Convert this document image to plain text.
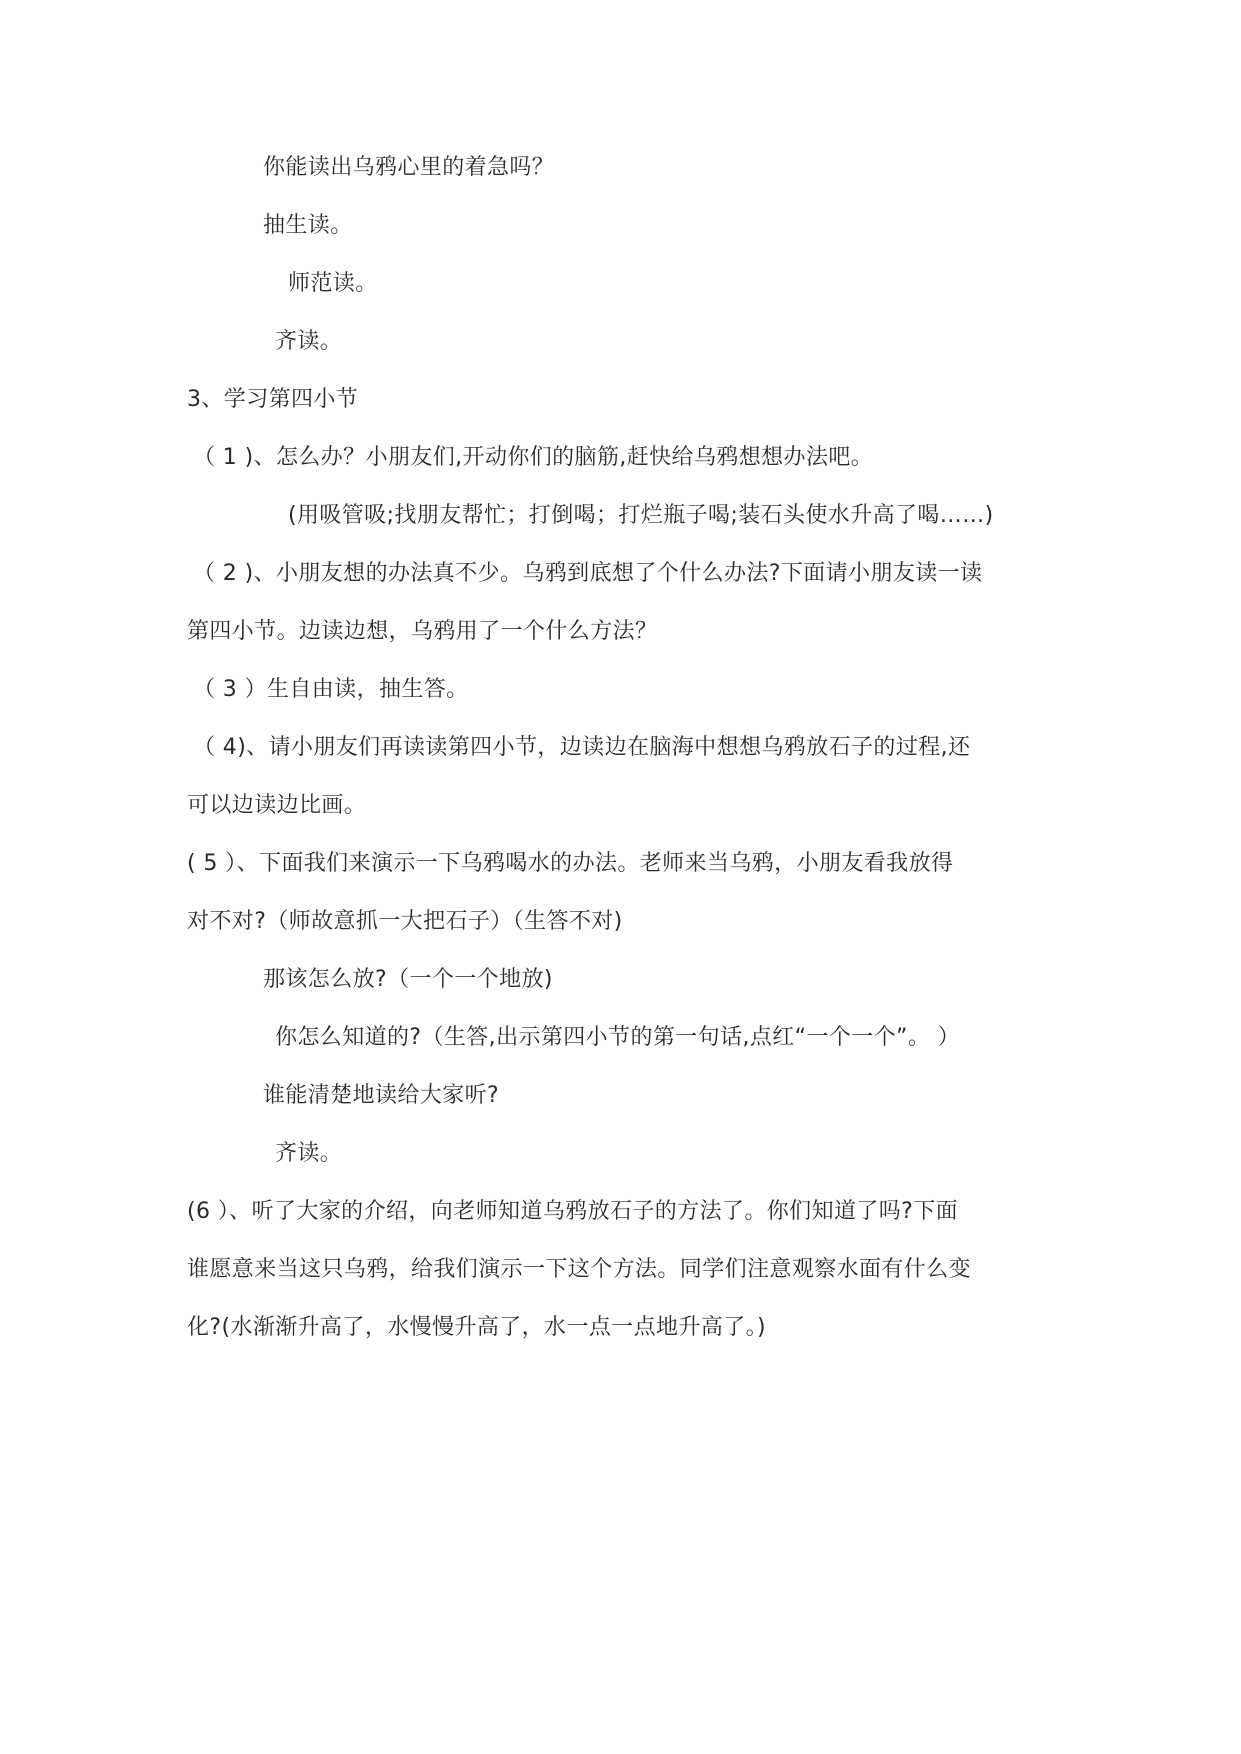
你能读出乌鸦心里的着急吗？
抽生读。
师范读。
齐读。
3、学习第四小节
（ 1 )、怎么办？小朋友们,开动你们的脑筋,赶快给乌鸦想想办法吧。
(用吸管吸;找朋友帮忙；打倒喝；打烂瓶子喝;装石头使水升高了喝……)
（ 2 )、小朋友想的办法真不少。乌鸦到底想了个什么办法?下面请小朋友读一读
第四小节。边读边想，乌鸦用了一个什么方法？
（ 3 ）生自由读，抽生答。
（ 4)、请小朋友们再读读第四小节，边读边在脑海中想想乌鸦放石子的过程,还
可以边读边比画。
( 5 ）、下面我们来演示一下乌鸦喝水的办法。老师来当乌鸦，小朋友看我放得
对不对?（师故意抓一大把石子）（生答不对)
那该怎么放?（一个一个地放)
你怎么知道的?（生答,出示第四小节的第一句话,点红“一个一个”。 ）
谁能清楚地读给大家听?
齐读。
(6 ）、听了大家的介绍，向老师知道乌鸦放石子的方法了。你们知道了吗?下面
谁愿意来当这只乌鸦，给我们演示一下这个方法。同学们注意观察水面有什么变
化?(水渐渐升高了，水慢慢升高了，水一点一点地升高了。)
